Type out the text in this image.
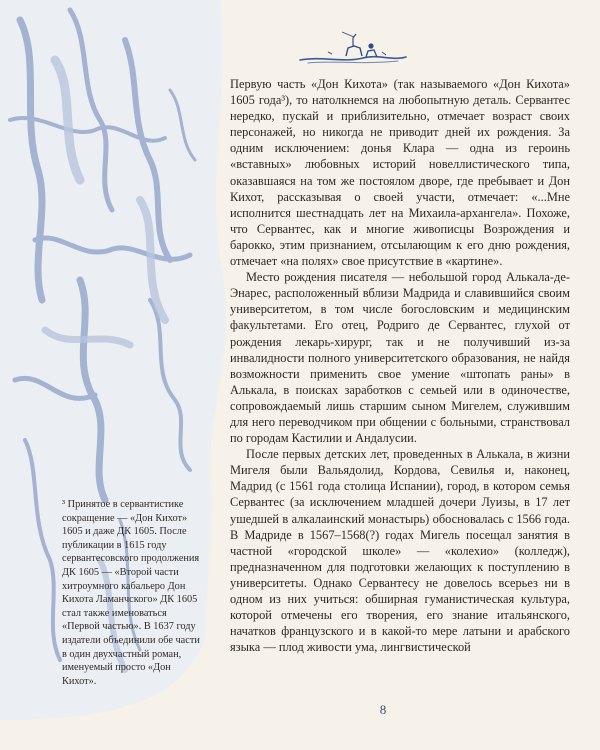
Первую часть «Дон Кихота» (так называемого «Дон Кихота» 1605 года³), то натолкнемся на любопытную деталь. Сервантес нередко, пускай и приблизительно, отмечает возраст своих персонажей, но никогда не приводит дней их рождения. За одним исключением: донья Клара — одна из героинь «вставных» любовных историй новеллистического типа, оказавшаяся на том же постоялом дворе, где пребывает и Дон Кихот, рассказывая о своей участи, отмечает: «...Мне исполнится шестнадцать лет на Михаила-архангела». Похоже, что Сервантес, как и многие живописцы Возрождения и барокко, этим признанием, отсылающим к его дню рождения, отмечает «на полях» свое присутствие в «картине».

Место рождения писателя — небольшой город Алькала-де-Энарес, расположенный вблизи Мадрида и славившийся своим университетом, в том числе богословским и медицинским факультетами. Его отец, Родриго де Сервантес, глухой от рождения лекарь-хирург, так и не получивший из-за инвалидности полного университетского образования, не найдя возможности применить свое умение «штопать раны» в Алькала, в поисках заработков с семьей или в одиночестве, сопровождаемый лишь старшим сыном Мигелем, служившим для него переводчиком при общении с больными, странствовал по городам Кастилии и Андалусии.

После первых детских лет, проведенных в Алькала, в жизни Мигеля были Вальядолид, Кордова, Севилья и, наконец, Мадрид (с 1561 года столица Испании), город, в котором семья Сервантес (за исключением младшей дочери Луизы, в 17 лет ушедшей в алкалаинский монастырь) обосновалась с 1566 года. В Мадриде в 1567–1568(?) годах Мигель посещал занятия в частной «городской школе» — «колехио» (колледж), предназначенном для подготовки желающих к поступлению в университеты. Однако Сервантесу не довелось всерьез ни в одном из них учиться: обширная гуманистическая культура, которой отмечены его творения, его знание итальянского, начатков французского и в какой-то мере латыни и арабского языка — плод живости ума, лингвистической

³ Принятое в сервантистике сокращение — «Дон Кихот» 1605 и даже ДК 1605. После публикации в 1615 году сервантесовского продолжения ДК 1605 — «Второй части хитроумного кабальеро Дон Кихота Ламанчского» ДК 1605 стал также именоваться «Первой частью». В 1637 году издатели объединили обе части в один двухчастный роман, именуемый просто «Дон Кихот».
8
